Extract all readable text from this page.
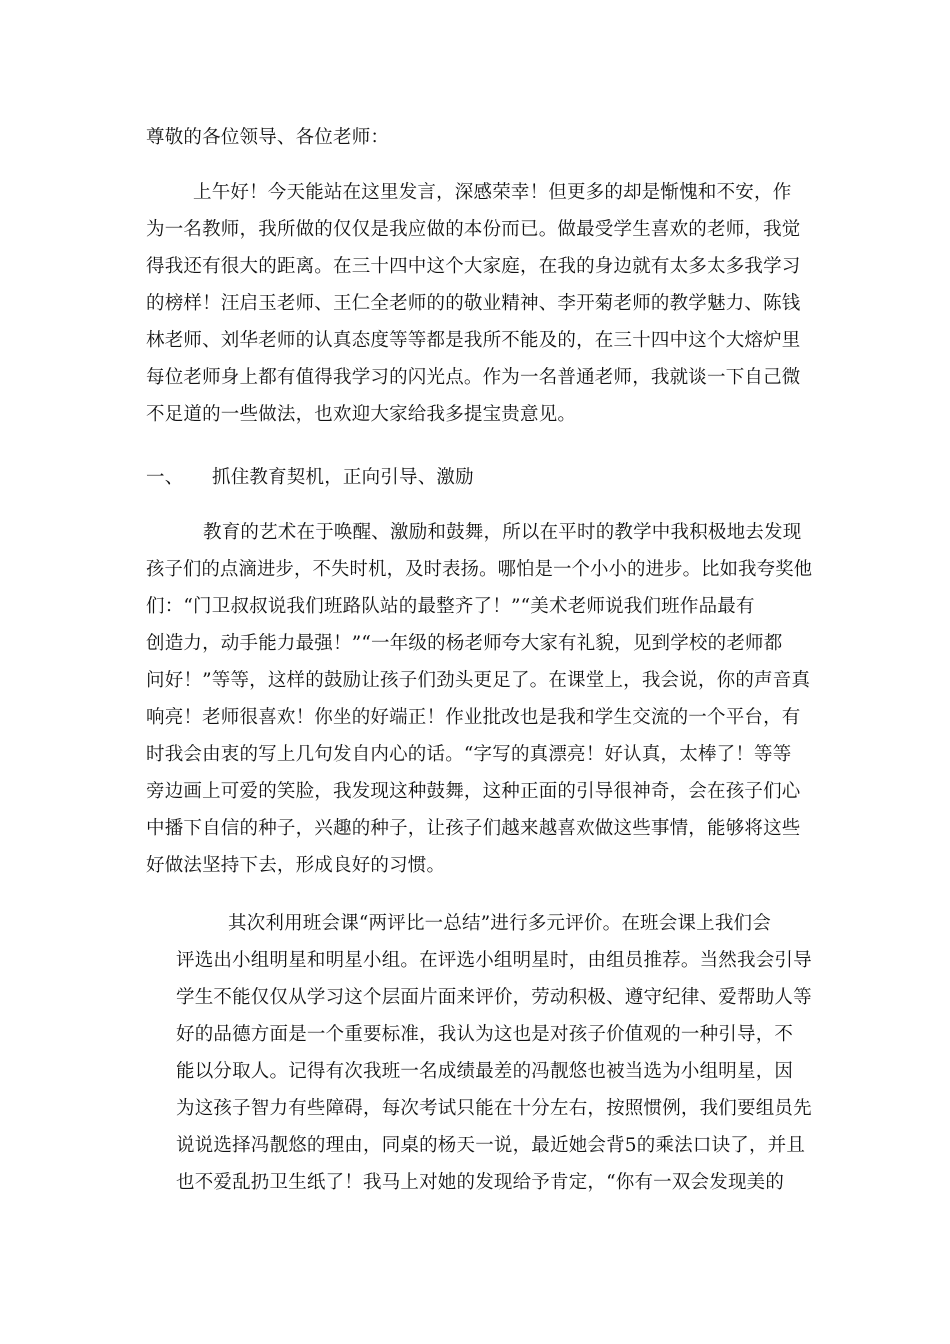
尊敬的各位领导、各位老师：
上午好！今天能站在这里发言，深感荣幸！但更多的却是惭愧和不安，作
为一名教师，我所做的仅仅是我应做的本份而已。做最受学生喜欢的老师，我觉
得我还有很大的距离。在三十四中这个大家庭，在我的身边就有太多太多我学习
的榜样！汪启玉老师、王仁全老师的的敬业精神、李开菊老师的教学魅力、陈钱
林老师、刘华老师的认真态度等等都是我所不能及的，在三十四中这个大熔炉里
每位老师身上都有值得我学习的闪光点。作为一名普通老师，我就谈一下自己微
不足道的一些做法，也欢迎大家给我多提宝贵意见。
一、 抓住教育契机，正向引导、激励
教育的艺术在于唤醒、激励和鼓舞，所以在平时的教学中我积极地去发现
孩子们的点滴进步，不失时机，及时表扬。哪怕是一个小小的进步。比如我夸奖他
们：“门卫叔叔说我们班路队站的最整齐了！”“美术老师说我们班作品最有
创造力，动手能力最强！”“一年级的杨老师夸大家有礼貌，见到学校的老师都
问好！”等等，这样的鼓励让孩子们劲头更足了。在课堂上，我会说，你的声音真
响亮！老师很喜欢！你坐的好端正！作业批改也是我和学生交流的一个平台，有
时我会由衷的写上几句发自内心的话。“字写的真漂亮！好认真，太棒了！等等
旁边画上可爱的笑脸，我发现这种鼓舞，这种正面的引导很神奇，会在孩子们心
中播下自信的种子，兴趣的种子，让孩子们越来越喜欢做这些事情，能够将这些
好做法坚持下去，形成良好的习惯。
其次利用班会课“两评比一总结”进行多元评价。在班会课上我们会
评选出小组明星和明星小组。在评选小组明星时，由组员推荐。当然我会引导
学生不能仅仅从学习这个层面片面来评价，劳动积极、遵守纪律、爱帮助人等
好的品德方面是一个重要标准，我认为这也是对孩子价值观的一种引导，不
能以分取人。记得有次我班一名成绩最差的冯靓悠也被当选为小组明星，因
为这孩子智力有些障碍，每次考试只能在十分左右，按照惯例，我们要组员先
说说选择冯靓悠的理由，同桌的杨天一说，最近她会背5的乘法口诀了，并且
也不爱乱扔卫生纸了！我马上对她的发现给予肯定，“你有一双会发现美的
